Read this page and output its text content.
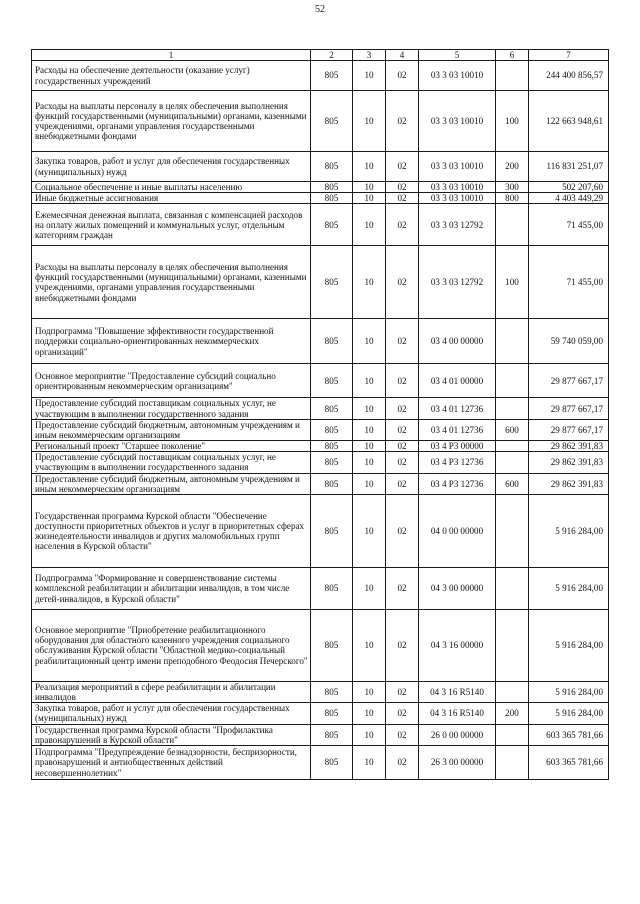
52
1	2	3	4	5	6	7
Расходы на обеспечение деятельности (оказание услуг) государственных учреждений	805	10	02	03 3 03 10010		244 400 856,57
Расходы на выплаты персоналу в целях обеспечения выполнения функций государственными (муниципальными) органами, казенными учреждениями, органами управления государственными внебюджетными фондами	805	10	02	03 3 03 10010	100	122 663 948,61
Закупка товаров, работ и услуг для обеспечения государственных (муниципальных) нужд	805	10	02	03 3 03 10010	200	116 831 251,07
Социальное обеспечение и иные выплаты населению	805	10	02	03 3 03 10010	300	502 207,60
Иные бюджетные ассигнования	805	10	02	03 3 03 10010	800	4 403 449,29
Ежемесячная денежная выплата, связанная с компенсацией расходов на оплату жилых помещений и коммунальных услуг, отдельным категориям граждан	805	10	02	03 3 03 12792		71 455,00
Расходы на выплаты персоналу в целях обеспечения выполнения функций государственными (муниципальными) органами, казенными учреждениями, органами управления государственными внебюджетными фондами	805	10	02	03 3 03 12792	100	71 455,00
Подпрограмма "Повышение эффективности государственной поддержки социально-ориентированных некоммерческих организаций"	805	10	02	03 4 00 00000		59 740 059,00
Основное мероприятие "Предоставление субсидий социально ориентированным некоммерческим организациям"	805	10	02	03 4 01 00000		29 877 667,17
Предоставление субсидий поставщикам социальных услуг, не участвующим в выполнении государственного задания	805	10	02	03 4 01 12736		29 877 667,17
Предоставление субсидий бюджетным, автономным учреждениям и иным некоммерческим организациям	805	10	02	03 4 01 12736	600	29 877 667,17
Региональный проект "Старшее поколение"	805	10	02	03 4 P3 00000		29 862 391,83
Предоставление субсидий поставщикам социальных услуг, не участвующим в выполнении государственного задания	805	10	02	03 4 P3 12736		29 862 391,83
Предоставление субсидий бюджетным, автономным учреждениям и иным некоммерческим организациям	805	10	02	03 4 P3 12736	600	29 862 391,83
Государственная программа Курской области "Обеспечение доступности приоритетных объектов и услуг в приоритетных сферах жизнедеятельности инвалидов и других маломобильных групп населения в Курской области"	805	10	02	04 0 00 00000		5 916 284,00
Подпрограмма "Формирование и совершенствование системы комплексной реабилитации и абилитации инвалидов, в том числе детей-инвалидов, в Курской области"	805	10	02	04 3 00 00000		5 916 284,00
Основное мероприятие "Приобретение реабилитационного оборудования для областного казенного учреждения социального обслуживания Курской области "Областной медико-социальный реабилитационный центр имени преподобного Феодосия Печерского"	805	10	02	04 3 16 00000		5 916 284,00
Реализация мероприятий в сфере реабилитации и абилитации инвалидов	805	10	02	04 3 16 R5140		5 916 284,00
Закупка товаров, работ и услуг для обеспечения государственных (муниципальных) нужд	805	10	02	04 3 16 R5140	200	5 916 284,00
Государственная программа Курской области "Профилактика правонарушений в Курской области"	805	10	02	26 0 00 00000		603 365 781,66
Подпрограмма "Предупреждение безнадзорности, беспризорности, правонарушений и антиобщественных действий несовершеннолетних"	805	10	02	26 3 00 00000		603 365 781,66
